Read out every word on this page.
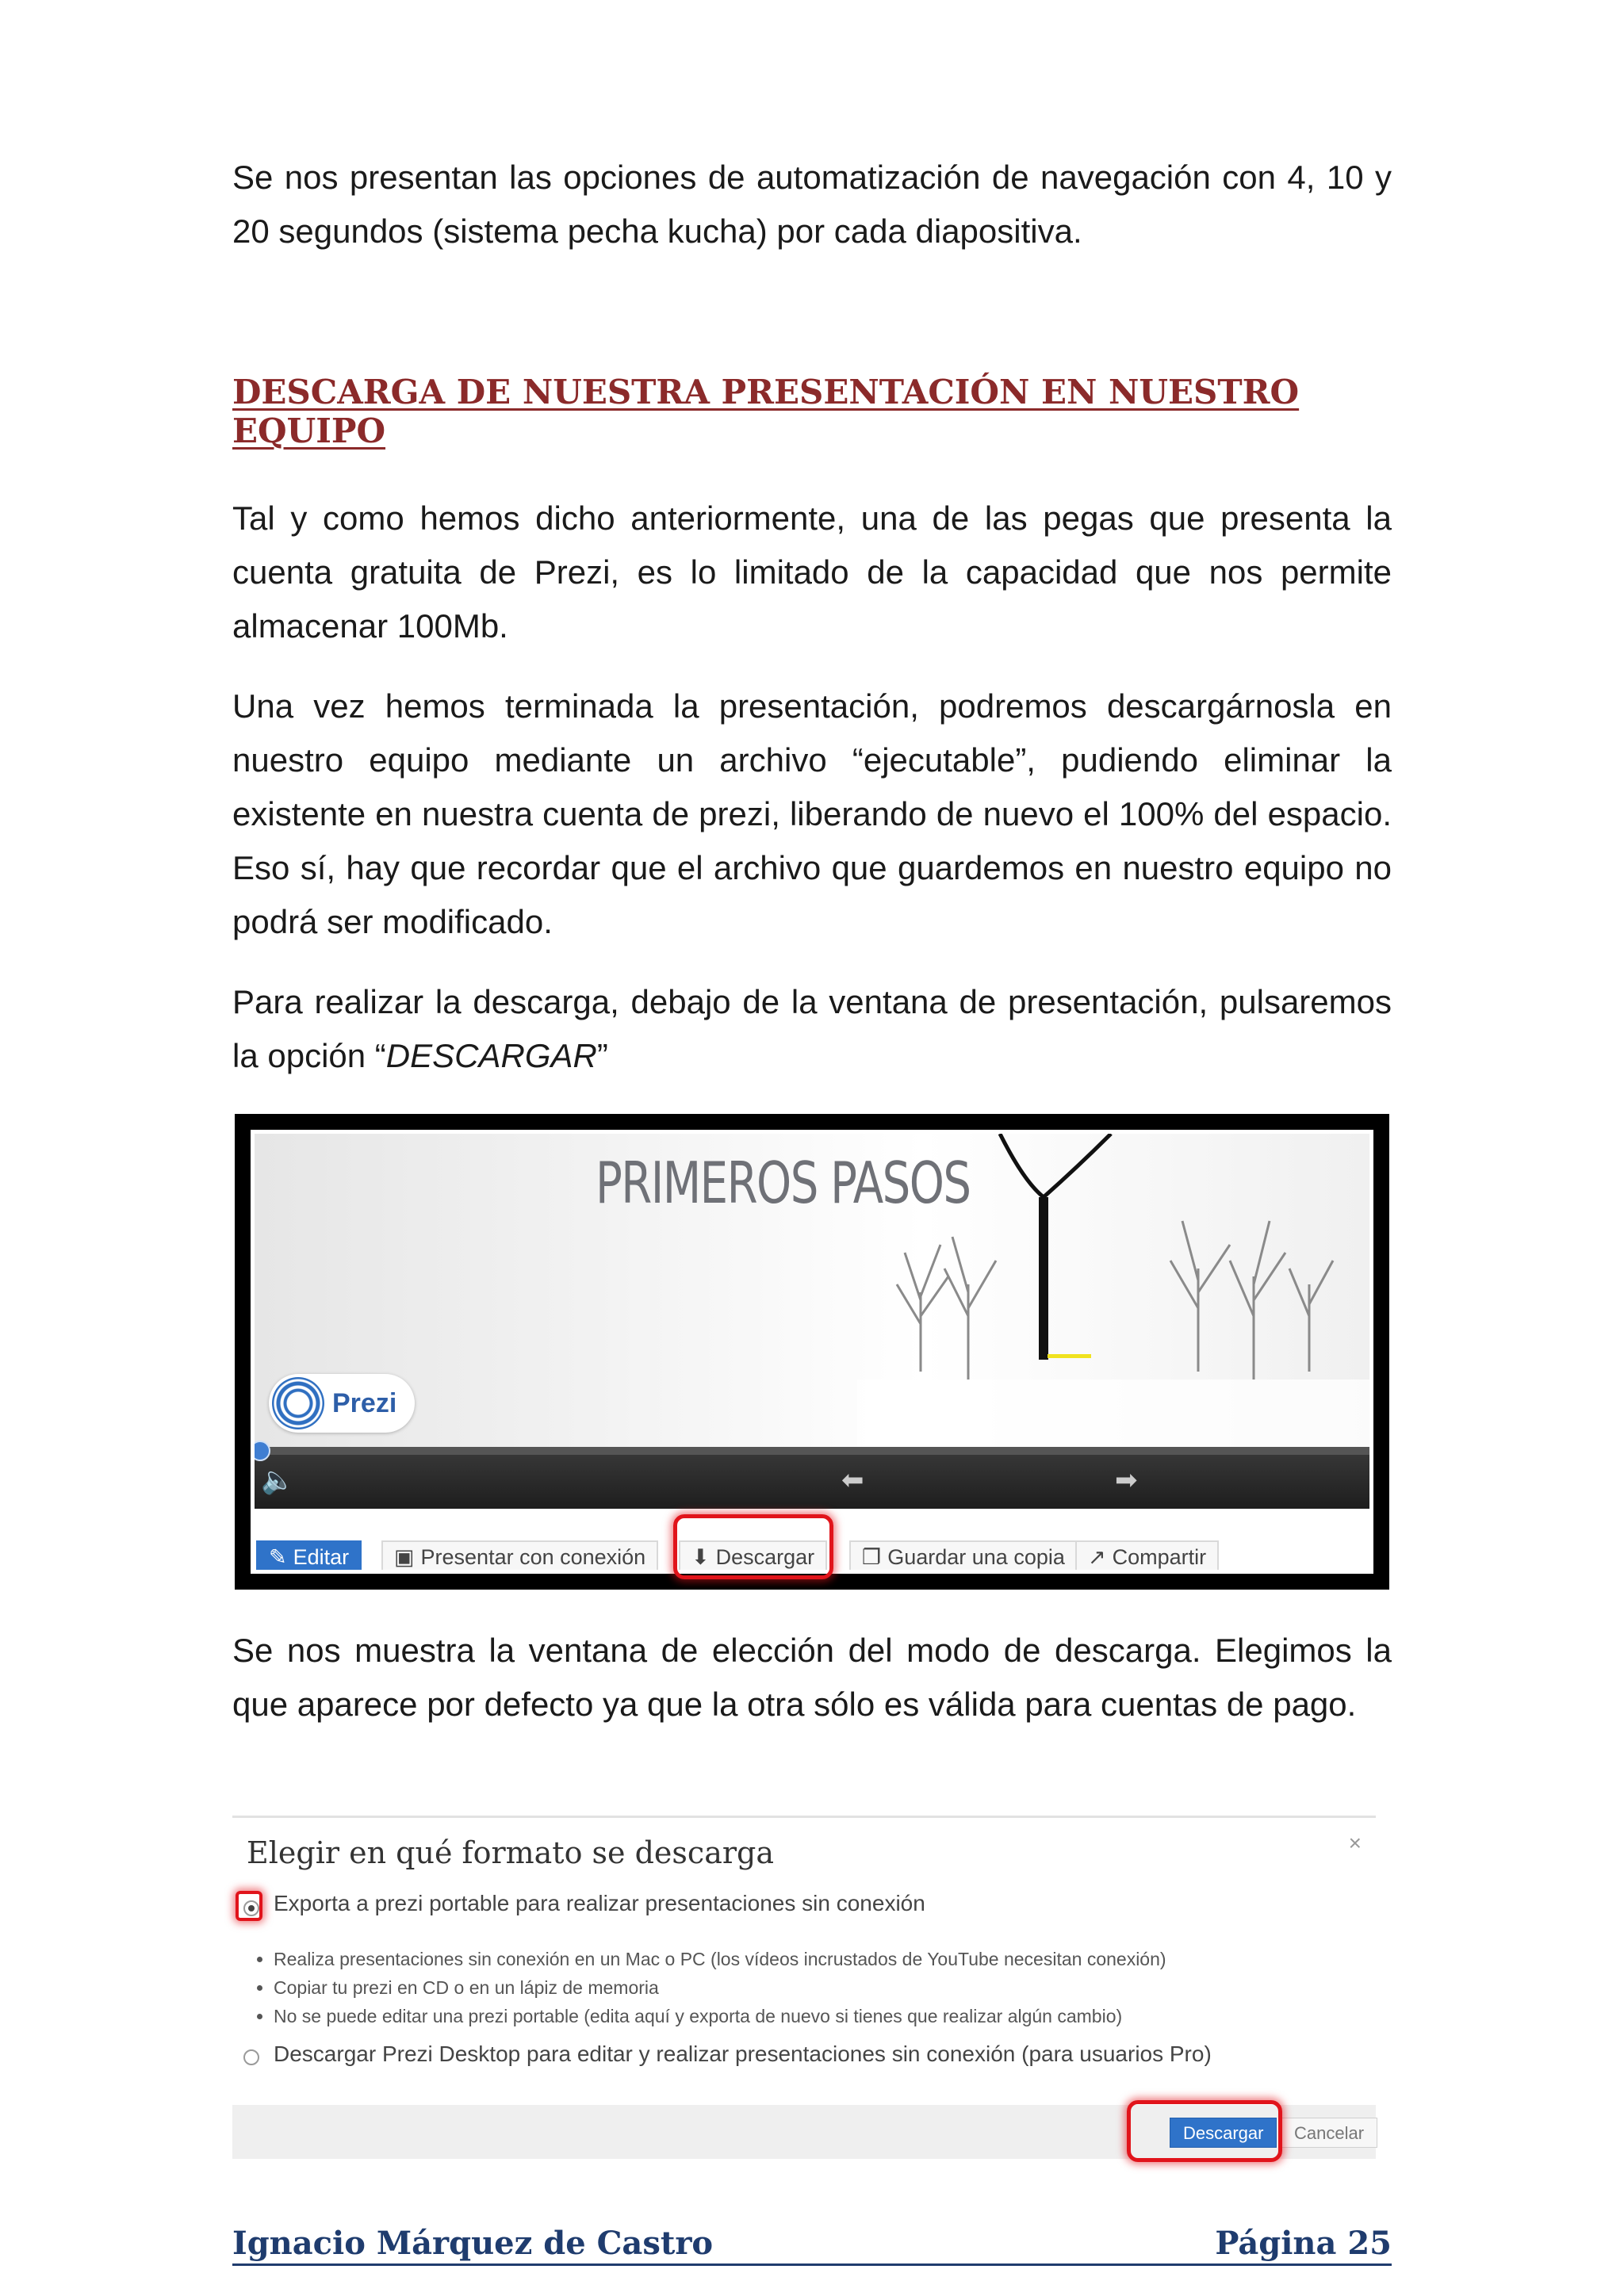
Se nos presentan las opciones de automatización de navegación con 4, 10 y 20 segundos (sistema pecha kucha) por cada diapositiva.

DESCARGA DE NUESTRA PRESENTACIÓN EN NUESTRO EQUIPO

Tal y como hemos dicho anteriormente, una de las pegas que presenta la cuenta gratuita de Prezi, es lo limitado de la capacidad que nos permite almacenar 100Mb.

Una vez hemos terminada la presentación, podremos descargárnosla en nuestro equipo mediante un archivo “ejecutable”, pudiendo eliminar la existente en nuestra cuenta de prezi, liberando de nuevo el 100% del espacio. Eso sí, hay que recordar que el archivo que guardemos en nuestro equipo no podrá ser modificado.

Para realizar la descarga, debajo de la ventana de presentación, pulsaremos la opción “DESCARGAR”

PRIMEROS PASOS
Prezi
🔈	⬅	➡
✎ Editar	▣ Presentar con conexión	⬇ Descargar	❐ Guardar una copia	↗ Compartir

Se nos muestra la ventana de elección del modo de descarga. Elegimos la que aparece por defecto ya que la otra sólo es válida para cuentas de pago.

Elegir en qué formato se descarga	×
Exporta a prezi portable para realizar presentaciones sin conexión
• Realiza presentaciones sin conexión en un Mac o PC (los vídeos incrustados de YouTube necesitan conexión)
• Copiar tu prezi en CD o en un lápiz de memoria
• No se puede editar una prezi portable (edita aquí y exporta de nuevo si tienes que realizar algún cambio)
Descargar Prezi Desktop para editar y realizar presentaciones sin conexión (para usuarios Pro)
Descargar	Cancelar
Ignacio Márquez de Castro	Página 25
